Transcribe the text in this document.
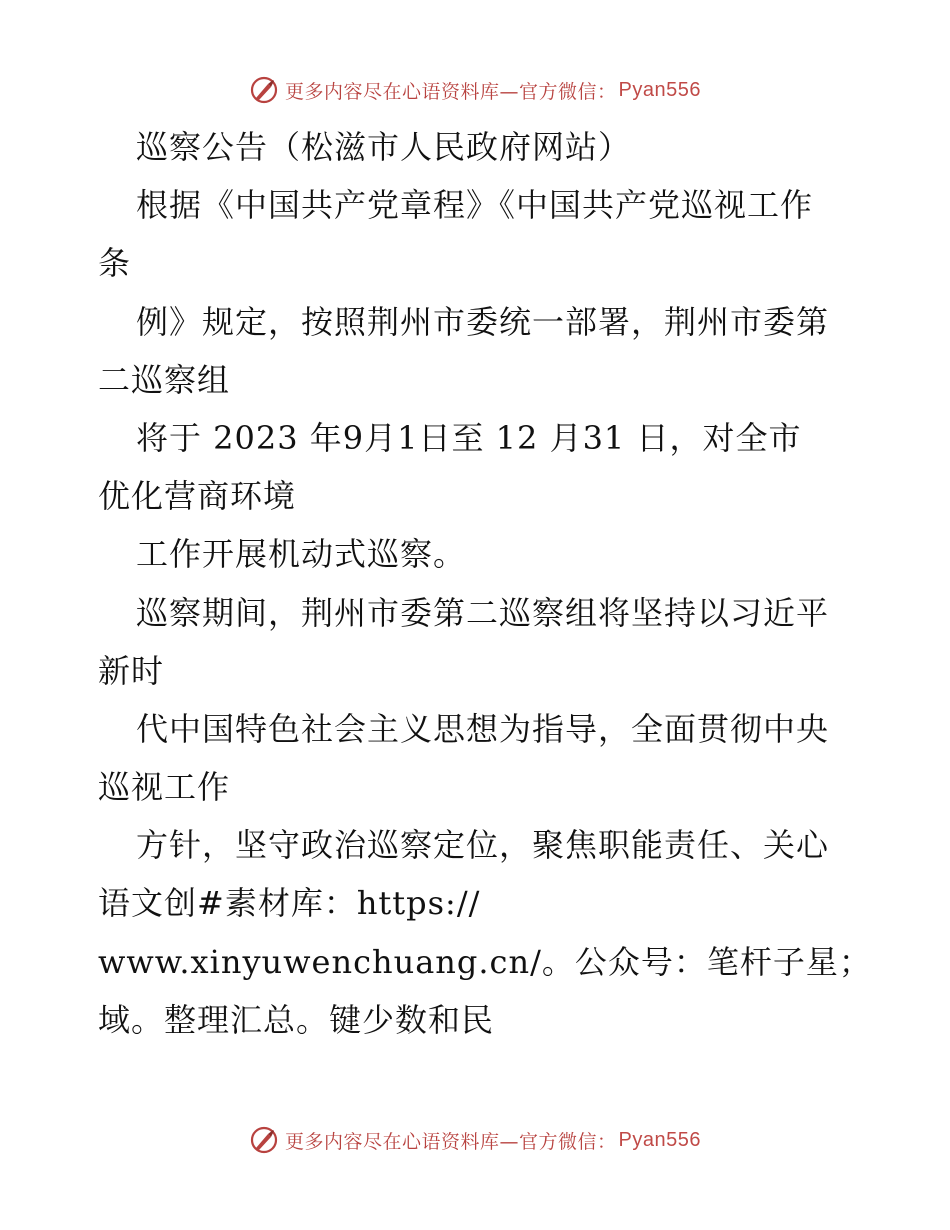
更多内容尽在心语资料库—官方微信： Pyan556
巡察公告（松滋市人民政府网站）
根据《中国共产党章程》《中国共产党巡视工作
条
例》规定，按照荆州市委统一部署，荆州市委第
二巡察组
将于 2023 年9月1日至 12 月31 日，对全市
优化营商环境
工作开展机动式巡察。
巡察期间，荆州市委第二巡察组将坚持以习近平
新时
代中国特色社会主义思想为指导，全面贯彻中央
巡视工作
方针，坚守政治巡察定位，聚焦职能责任、关心
语文创#素材库：https://
www.xinyuwenchuang.cn/。公众号：笔杆子星；
域。整理汇总。键少数和民
更多内容尽在心语资料库—官方微信： Pyan556
